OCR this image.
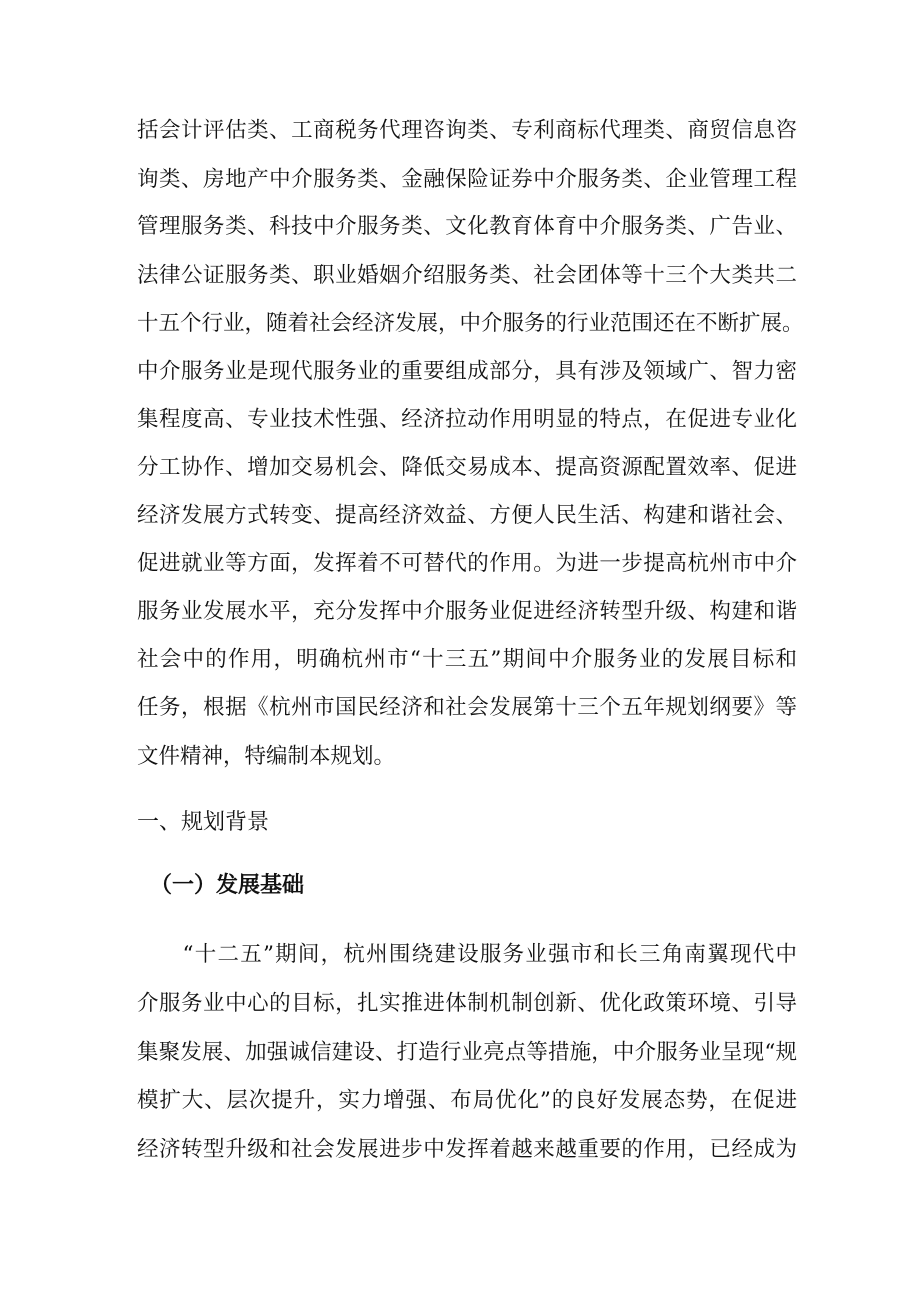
括会计评估类、工商税务代理咨询类、专利商标代理类、商贸信息咨
询类、房地产中介服务类、金融保险证券中介服务类、企业管理工程
管理服务类、科技中介服务类、文化教育体育中介服务类、广告业、
法律公证服务类、职业婚姻介绍服务类、社会团体等十三个大类共二
十五个行业，随着社会经济发展，中介服务的行业范围还在不断扩展。
中介服务业是现代服务业的重要组成部分，具有涉及领域广、智力密
集程度高、专业技术性强、经济拉动作用明显的特点，在促进专业化
分工协作、增加交易机会、降低交易成本、提高资源配置效率、促进
经济发展方式转变、提高经济效益、方便人民生活、构建和谐社会、
促进就业等方面，发挥着不可替代的作用。为进一步提高杭州市中介
服务业发展水平，充分发挥中介服务业促进经济转型升级、构建和谐
社会中的作用，明确杭州市“十三五”期间中介服务业的发展目标和
任务，根据《杭州市国民经济和社会发展第十三个五年规划纲要》等
文件精神，特编制本规划。
一、规划背景
（一）发展基础
　　“十二五”期间，杭州围绕建设服务业强市和长三角南翼现代中
介服务业中心的目标，扎实推进体制机制创新、优化政策环境、引导
集聚发展、加强诚信建设、打造行业亮点等措施，中介服务业呈现“规
模扩大、层次提升，实力增强、布局优化”的良好发展态势，在促进
经济转型升级和社会发展进步中发挥着越来越重要的作用，已经成为
